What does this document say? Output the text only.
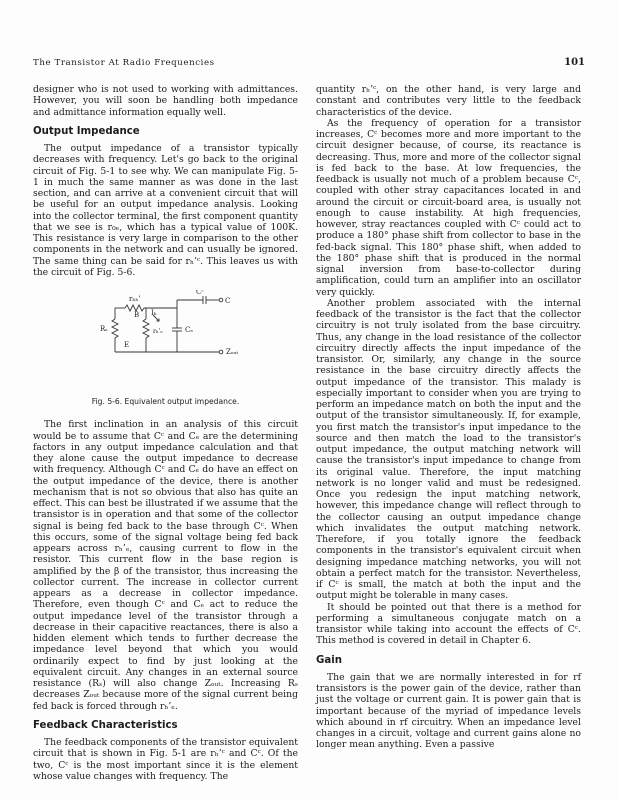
The Transistor At Radio Frequencies	101

designer who is not used to working with admittances. However, you will soon be handling both impedance and admittance information equally well.

Output Impedance

The output impedance of a transistor typically decreases with frequency. Let's go back to the original circuit of Fig. 5-1 to see why. We can manipulate Fig. 5-1 in much the same manner as was done in the last section, and can arrive at a convenient circuit that will be useful for an output impedance analysis. Looking into the collector terminal, the first component quantity that we see is r₀ₑ, which has a typical value of 100K. This resistance is very large in comparison to the other components in the network and can usually be ignored. The same thing can be said for rₕ’ᶜ. This leaves us with the circuit of Fig. 5-6.

rₕₕ’
Cᶜ
C
B Iₕ
Rₛ	rₕ’ₑ	Cₑ
E
Zₒᵤₜ
Fig. 5-6. Equivalent output impedance.

The first inclination in an analysis of this circuit would be to assume that Cᶜ and Cₑ are the determining factors in any output impedance calculation and that they alone cause the output impedance to decrease with frequency. Although Cᶜ and Cₑ do have an effect on the output impedance of the device, there is another mechanism that is not so obvious that also has quite an effect. This can best be illustrated if we assume that the transistor is in operation and that some of the collector signal is being fed back to the base through Cᶜ. When this occurs, some of the signal voltage being fed back appears across rₕ’ₑ, causing current to flow in the resistor. This current flow in the base region is amplified by the β of the transistor, thus increasing the collector current. The increase in collector current appears as a decrease in collector impedance. Therefore, even though Cᶜ and Cₑ act to reduce the output impedance level of the transistor through a decrease in their capacitive reactances, there is also a hidden element which tends to further decrease the impedance level beyond that which you would ordinarily expect to find by just looking at the equivalent circuit. Any changes in an external source resistance (Rₛ) will also change Zₒᵤₜ. Increasing Rₛ decreases Zₒᵤₜ because more of the signal current being fed back is forced through rₕ’ₑ.

Feedback Characteristics

The feedback components of the transistor equivalent circuit that is shown in Fig. 5-1 are rₕ’ᶜ and Cᶜ. Of the two, Cᶜ is the most important since it is the element whose value changes with frequency. The

quantity rₕ’ᶜ, on the other hand, is very large and constant and contributes very little to the feedback characteristics of the device.

As the frequency of operation for a transistor increases, Cᶜ becomes more and more important to the circuit designer because, of course, its reactance is decreasing. Thus, more and more of the collector signal is fed back to the base. At low frequencies, the feedback is usually not much of a problem because Cᶜ, coupled with other stray capacitances located in and around the circuit or circuit-board area, is usually not enough to cause instability. At high frequencies, however, stray reactances coupled with Cᶜ could act to produce a 180° phase shift from collector to base in the fed-back signal. This 180° phase shift, when added to the 180° phase shift that is produced in the normal signal inversion from base-to-collector during amplification, could turn an amplifier into an oscillator very quickly.

Another problem associated with the internal feedback of the transistor is the fact that the collector circuitry is not truly isolated from the base circuitry. Thus, any change in the load resistance of the collector circuitry directly affects the input impedance of the transistor. Or, similarly, any change in the source resistance in the base circuitry directly affects the output impedance of the transistor. This malady is especially important to consider when you are trying to perform an impedance match on both the input and the output of the transistor simultaneously. If, for example, you first match the transistor's input impedance to the source and then match the load to the transistor's output impedance, the output matching network will cause the transistor's input impedance to change from its original value. Therefore, the input matching network is no longer valid and must be redesigned. Once you redesign the input matching network, however, this impedance change will reflect through to the collector causing an output impedance change which invalidates the output matching network. Therefore, if you totally ignore the feedback components in the transistor's equivalent circuit when designing impedance matching networks, you will not obtain a perfect match for the transistor. Nevertheless, if Cᶜ is small, the match at both the input and the output might be tolerable in many cases.

It should be pointed out that there is a method for performing a simultaneous conjugate match on a transistor while taking into account the effects of Cᶜ. This method is covered in detail in Chapter 6.

Gain

The gain that we are normally interested in for rf transistors is the power gain of the device, rather than just the voltage or current gain. It is power gain that is important because of the myriad of impedance levels which abound in rf circuitry. When an impedance level changes in a circuit, voltage and current gains alone no longer mean anything. Even a passive
